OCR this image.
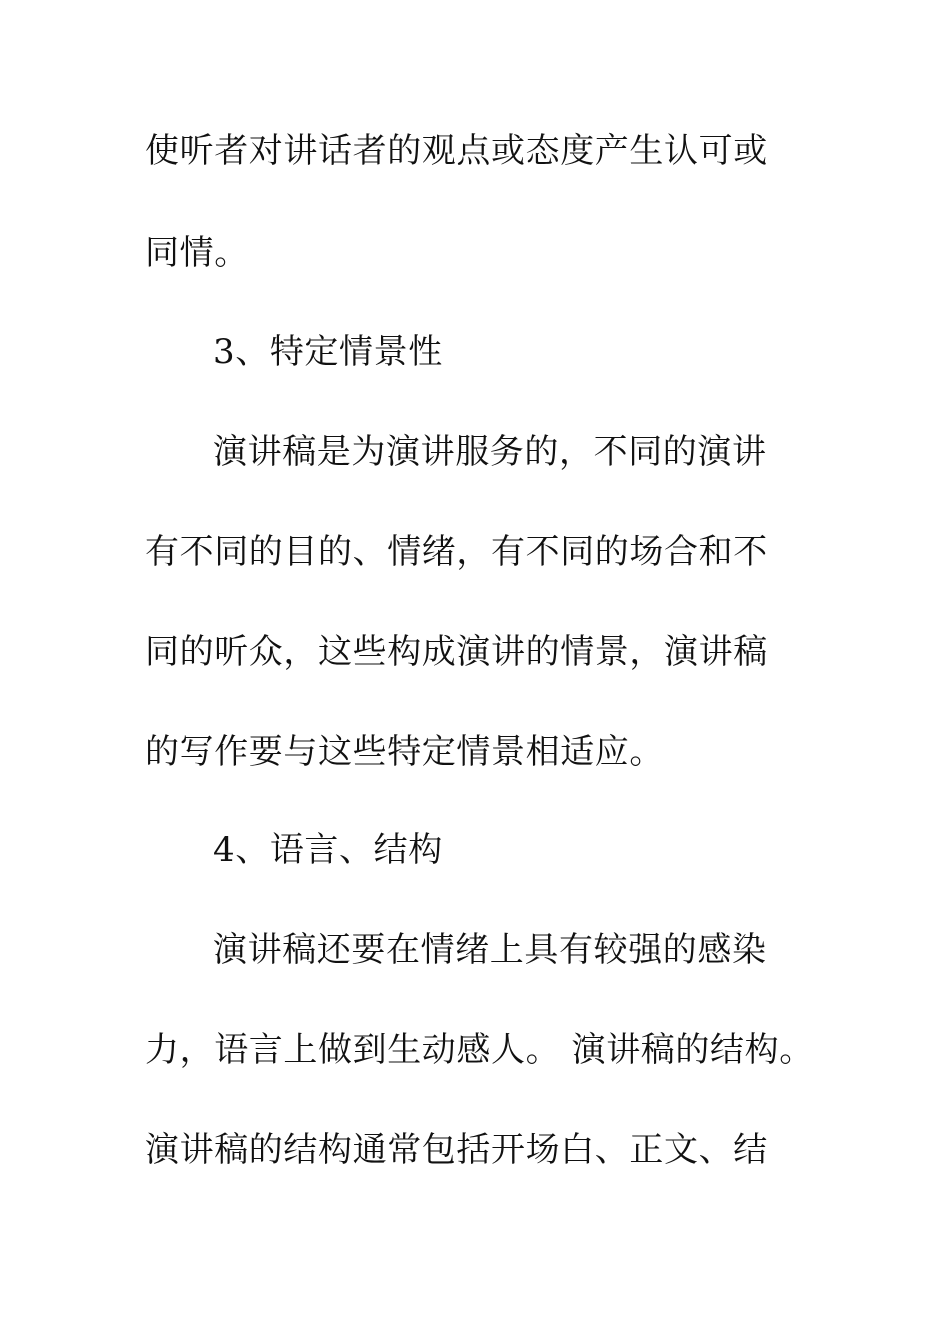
使听者对讲话者的观点或态度产生认可或

同情。

3、特定情景性

演讲稿是为演讲服务的，不同的演讲

有不同的目的、情绪，有不同的场合和不

同的听众，这些构成演讲的情景，演讲稿

的写作要与这些特定情景相适应。

4、语言、结构

演讲稿还要在情绪上具有较强的感染

力，语言上做到生动感人。 演讲稿的结构。

演讲稿的结构通常包括开场白、正文、结
